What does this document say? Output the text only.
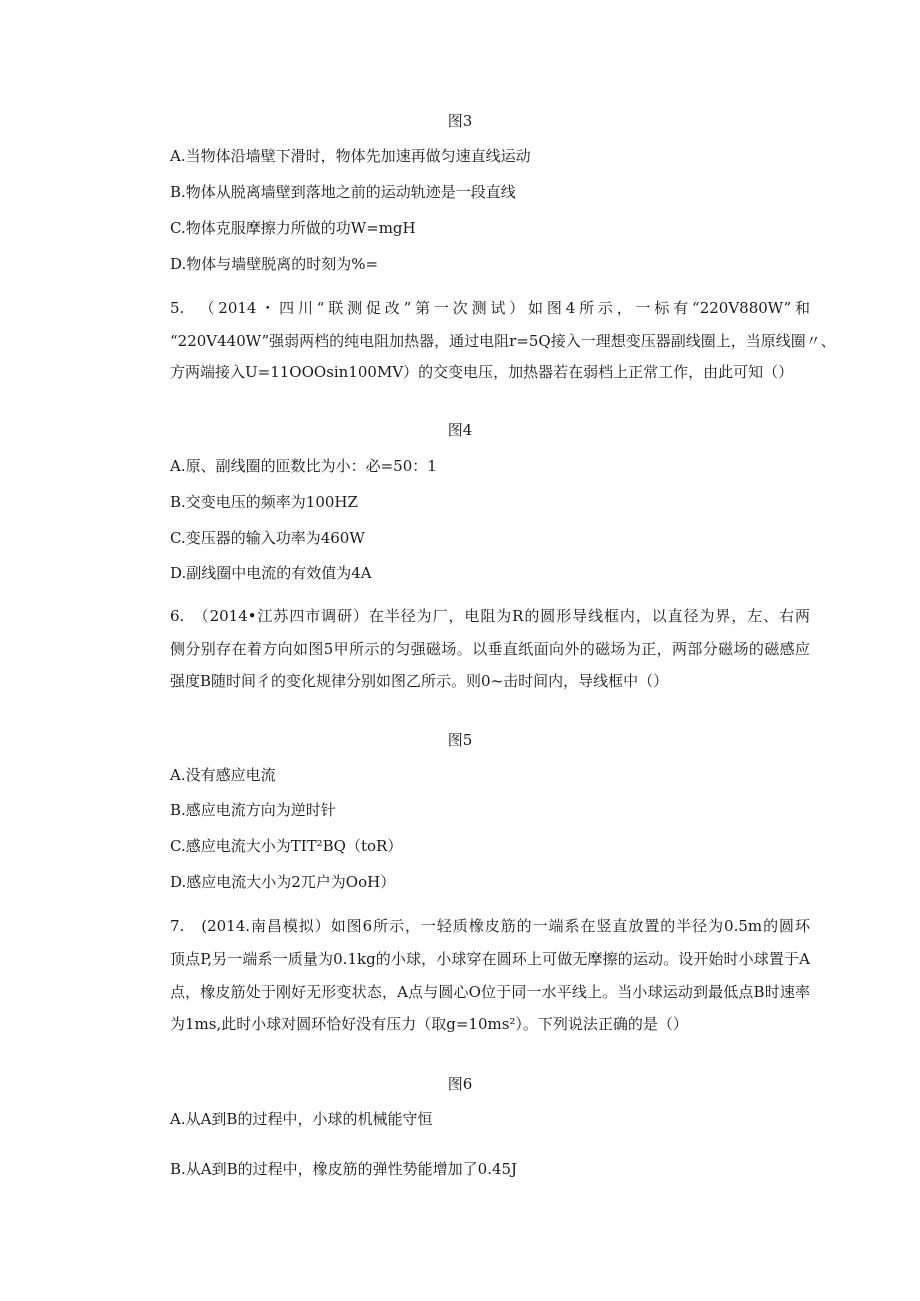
图3
A.当物体沿墙壁下滑时，物体先加速再做匀速直线运动
B.物体从脱离墙壁到落地之前的运动轨迹是一段直线
C.物体克服摩擦力所做的功W=mgH
D.物体与墙壁脱离的时刻为%=
5.　（2014・四川“联测促改”第一次测试）如图4所示，一标有“220V880W”和
“220V440W”强弱两档的纯电阻加热器，通过电阻r=5Q接入一理想变压器副线圈上，当原线圈〃、
方两端接入U=11OOOsin100MV）的交变电压，加热器若在弱档上正常工作，由此可知（）
图4
A.原、副线圈的匝数比为小：必=50：1
B.交变电压的频率为100HZ
C.变压器的输入功率为460W
D.副线圈中电流的有效值为4A
6.　（2014•江苏四市调研）在半径为厂，电阻为R的圆形导线框内，以直径为界，左、右两
侧分别存在着方向如图5甲所示的匀强磁场。以垂直纸面向外的磁场为正，两部分磁场的磁感应
强度B随时间彳的变化规律分别如图乙所示。则0~击时间内，导线框中（）
图5
A.没有感应电流
B.感应电流方向为逆时针
C.感应电流大小为TIT²BQ（toR）
D.感应电流大小为2兀户为OoH）
7.　(2014.南昌模拟）如图6所示，一轻质橡皮筋的一端系在竖直放置的半径为0.5m的圆环
顶点P,另一端系一质量为0.1kg的小球，小球穿在圆环上可做无摩擦的运动。设开始时小球置于A
点，橡皮筋处于刚好无形变状态，A点与圆心O位于同一水平线上。当小球运动到最低点B时速率
为1ms,此时小球对圆环恰好没有压力（取g=10ms²）。下列说法正确的是（）
图6
A.从A到B的过程中，小球的机械能守恒
B.从A到B的过程中，橡皮筋的弹性势能增加了0.45J
